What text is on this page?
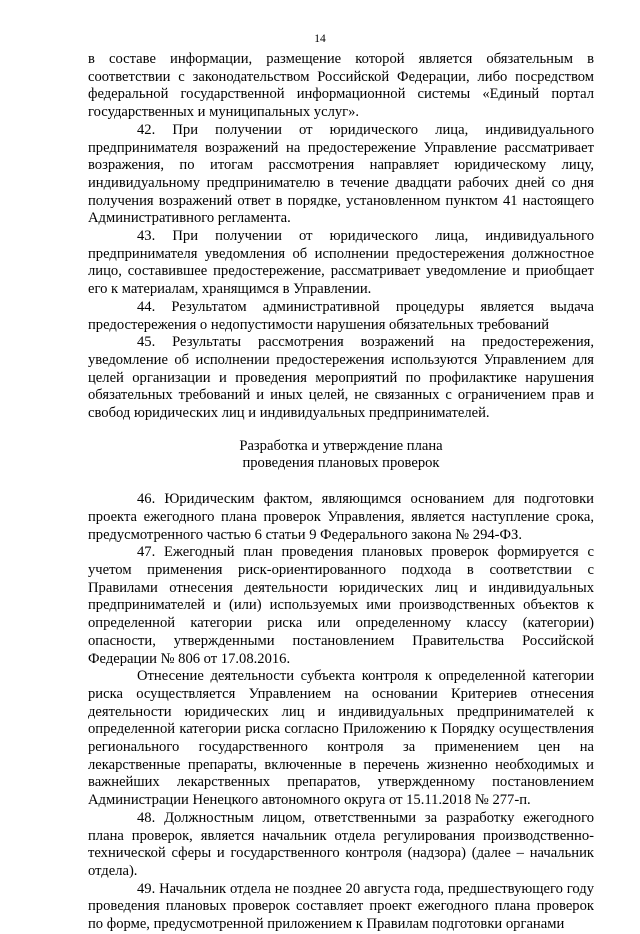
14

в составе информации, размещение которой является обязательным в соответствии с законодательством Российской Федерации, либо посредством федеральной государственной информационной системы «Единый портал государственных и муниципальных услуг».

42. При получении от юридического лица, индивидуального предпринимателя возражений на предостережение Управление рассматривает возражения, по итогам рассмотрения направляет юридическому лицу, индивидуальному предпринимателю в течение двадцати рабочих дней со дня получения возражений ответ в порядке, установленном пунктом 41 настоящего Административного регламента.

43. При получении от юридического лица, индивидуального предпринимателя уведомления об исполнении предостережения должностное лицо, составившее предостережение, рассматривает уведомление и приобщает его к материалам, хранящимся в Управлении.

44. Результатом административной процедуры является выдача предостережения о недопустимости нарушения обязательных требований

45. Результаты рассмотрения возражений на предостережения, уведомление об исполнении предостережения используются Управлением для целей организации и проведения мероприятий по профилактике нарушения обязательных требований и иных целей, не связанных с ограничением прав и свобод юридических лиц и индивидуальных предпринимателей.

Разработка и утверждение плана
проведения плановых проверок

46. Юридическим фактом, являющимся основанием для подготовки проекта ежегодного плана проверок Управления, является наступление срока, предусмотренного частью 6 статьи 9 Федерального закона № 294-ФЗ.

47. Ежегодный план проведения плановых проверок формируется с учетом применения риск-ориентированного подхода в соответствии с Правилами отнесения деятельности юридических лиц и индивидуальных предпринимателей и (или) используемых ими производственных объектов к определенной категории риска или определенному классу (категории) опасности, утвержденными постановлением Правительства Российской Федерации № 806 от 17.08.2016.

Отнесение деятельности субъекта контроля к определенной категории риска осуществляется Управлением на основании Критериев отнесения деятельности юридических лиц и индивидуальных предпринимателей к определенной категории риска согласно Приложению к Порядку осуществления регионального государственного контроля за применением цен на лекарственные препараты, включенные в перечень жизненно необходимых и важнейших лекарственных препаратов, утвержденному постановлением Администрации Ненецкого автономного округа от 15.11.2018 № 277-п.

48. Должностным лицом, ответственными за разработку ежегодного плана проверок, является начальник отдела регулирования производственно-технической сферы и государственного контроля (надзора) (далее – начальник отдела).

49. Начальник отдела не позднее 20 августа года, предшествующего году проведения плановых проверок составляет проект ежегодного плана проверок по форме, предусмотренной приложением к Правилам подготовки органами
